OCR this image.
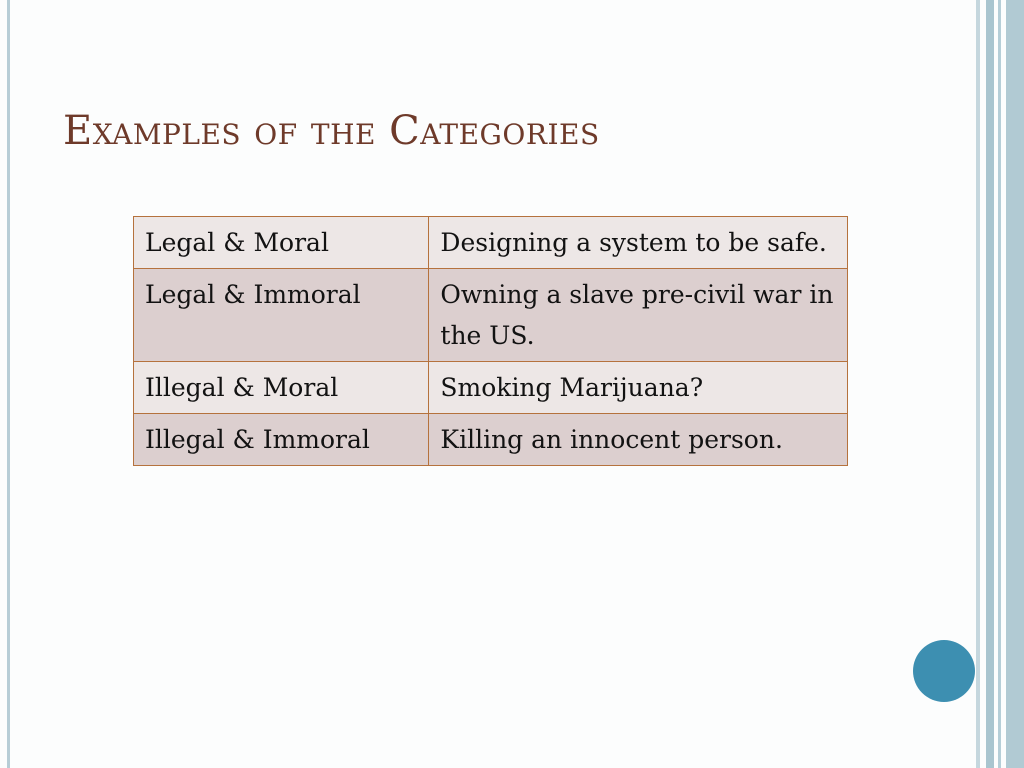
Examples of the Categories
Legal & Moral	Designing a system to be safe.
Legal & Immoral	Owning a slave pre-civil war in the US.
Illegal & Moral	Smoking Marijuana?
Illegal & Immoral	Killing an innocent person.
